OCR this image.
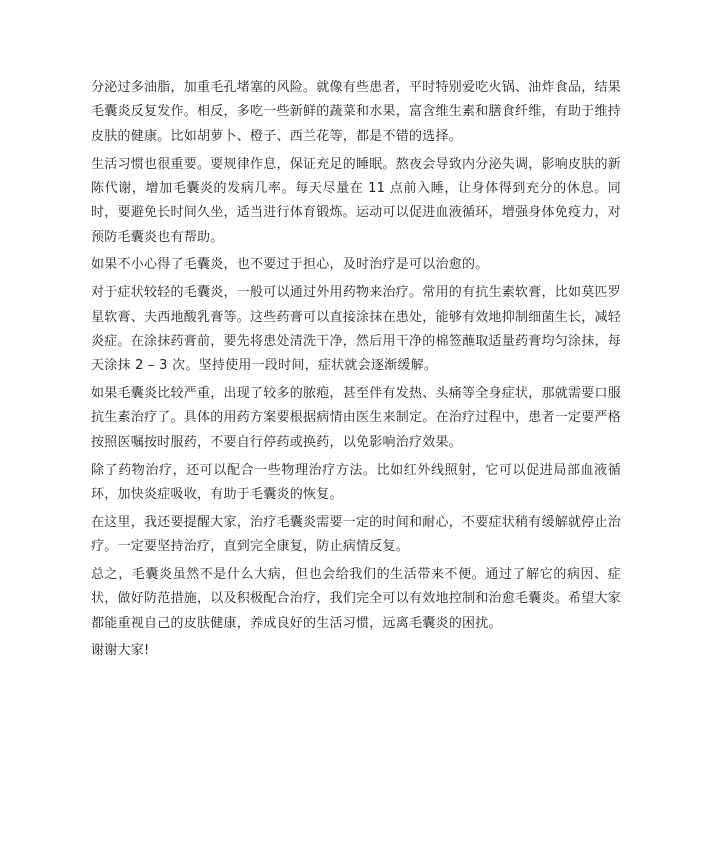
分泌过多油脂，加重毛孔堵塞的风险。就像有些患者，平时特别爱吃火锅、油炸食品，结果毛囊炎反复发作。相反，多吃一些新鲜的蔬菜和水果，富含维生素和膳食纤维，有助于维持皮肤的健康。比如胡萝卜、橙子、西兰花等，都是不错的选择。

生活习惯也很重要。要规律作息，保证充足的睡眠。熬夜会导致内分泌失调，影响皮肤的新陈代谢，增加毛囊炎的发病几率。每天尽量在 11 点前入睡，让身体得到充分的休息。同时，要避免长时间久坐，适当进行体育锻炼。运动可以促进血液循环，增强身体免疫力，对预防毛囊炎也有帮助。

如果不小心得了毛囊炎，也不要过于担心，及时治疗是可以治愈的。

对于症状较轻的毛囊炎，一般可以通过外用药物来治疗。常用的有抗生素软膏，比如莫匹罗星软膏、夫西地酸乳膏等。这些药膏可以直接涂抹在患处，能够有效地抑制细菌生长，减轻炎症。在涂抹药膏前，要先将患处清洗干净，然后用干净的棉签蘸取适量药膏均匀涂抹，每天涂抹 2 – 3 次。坚持使用一段时间，症状就会逐渐缓解。

如果毛囊炎比较严重，出现了较多的脓疱，甚至伴有发热、头痛等全身症状，那就需要口服抗生素治疗了。具体的用药方案要根据病情由医生来制定。在治疗过程中，患者一定要严格按照医嘱按时服药，不要自行停药或换药，以免影响治疗效果。

除了药物治疗，还可以配合一些物理治疗方法。比如红外线照射，它可以促进局部血液循环，加快炎症吸收，有助于毛囊炎的恢复。

在这里，我还要提醒大家，治疗毛囊炎需要一定的时间和耐心，不要症状稍有缓解就停止治疗。一定要坚持治疗，直到完全康复，防止病情反复。

总之，毛囊炎虽然不是什么大病，但也会给我们的生活带来不便。通过了解它的病因、症状，做好防范措施，以及积极配合治疗，我们完全可以有效地控制和治愈毛囊炎。希望大家都能重视自己的皮肤健康，养成良好的生活习惯，远离毛囊炎的困扰。

谢谢大家!
